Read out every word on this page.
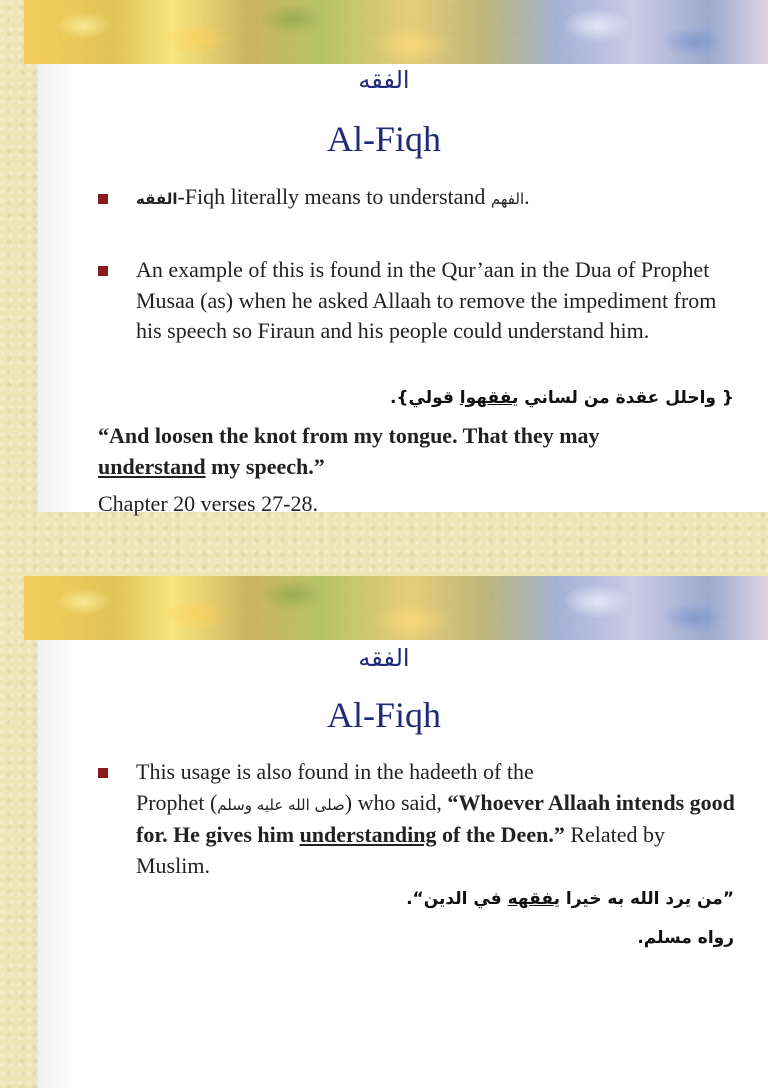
الفقه
Al-Fiqh
الفقه-Fiqh literally means to understand الفهم.
An example of this is found in the Qur’aan in the Dua of Prophet Musaa (as) when he asked Allaah to remove the impediment from his speech so Firaun and his people could understand him.
{ واحلل عقدة من لساني يفقهوا قولي}.
“And loosen the knot from my tongue. That they may understand my speech.”
Chapter 20 verses 27-28.
الفقه
Al-Fiqh
This usage is also found in the hadeeth of the
Prophet (صلى الله عليه وسلم) who said, “Whoever Allaah intends good for. He gives him understanding of the Deen.” Related by Muslim.
”من يرد الله به خيرا يفقهه في الدين“.
رواه مسلم.
